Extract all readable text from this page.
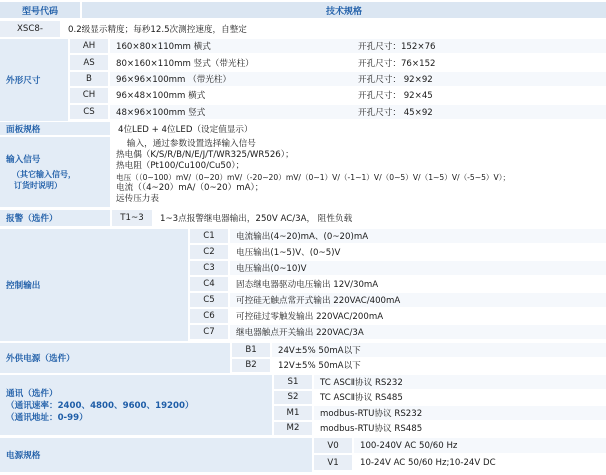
型号代码	技术规格
XSC8-	0.2级显示精度；每秒12.5次测控速度，自整定
外形尺寸
AH	160×80×110mm 横式	开孔尺寸：152×76
AS	80×160×110mm 竖式（带光柱）	开孔尺寸：76×152
B	96×96×100mm （带光柱）	开孔尺寸： 92×92
CH	96×48×100mm 横式	开孔尺寸： 92×45
CS	48×96×100mm 竖式	开孔尺寸： 45×92
面板规格	4位LED + 4位LED（设定值显示）
输入信号
（其它输入信号，
订货时说明）
输入，通过参数设置选择输入信号
热电偶（K/S/R/B/N/E/J/T/WR325/WR526）；
热电阻（Pt100/Cu100/Cu50）；
电压（（0~100）mV/（0~20）mV/（-20~20）mV/（0~1）V/（-1~1）V/（0~5）V/（1~5）V/（-5~5）V）；
电流（（4~20）mA/（0~20）mA）；
远传压力表
报警（选件）	T1~3	1~3点报警继电器输出，250V AC/3A， 阻性负载
控制输出
C1	电流输出(4~20)mA、(0~20)mA
C2	电压输出(1~5)V、(0~5)V
C3	电压输出(0~10)V
C4	固态继电器驱动电压输出 12V/30mA
C5	可控硅无触点常开式输出 220VAC/400mA
C6	可控硅过零触发输出 220VAC/200mA
C7	继电器触点开关输出 220VAC/3A
外供电源（选件）
B1	24V±5% 50mA以下
B2	12V±5% 50mA以下
通讯（选件）
（通讯速率：2400、4800、9600、19200）
（通讯地址：0-99）
S1	TC ASCⅡ协议 RS232
S2	TC ASCⅡ协议 RS485
M1	modbus-RTU协议 RS232
M2	modbus-RTU协议 RS485
电源规格
V0	100-240V AC 50/60 Hz
V1	10-24V AC 50/60 Hz;10-24V DC
